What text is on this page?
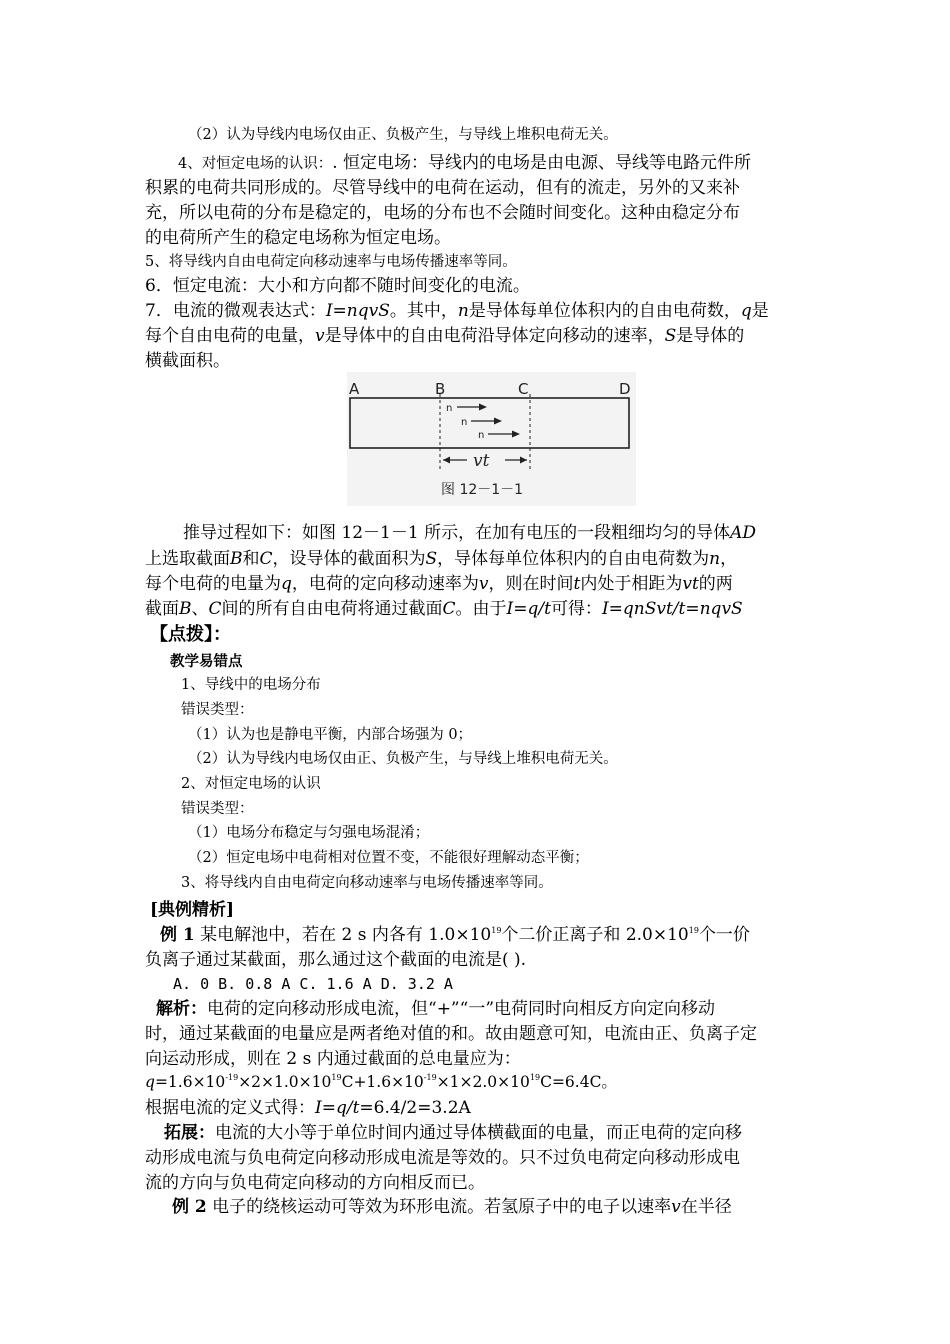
（2）认为导线内电场仅由正、负极产生，与导线上堆积电荷无关。
4、对恒定电场的认识：. 恒定电场：导线内的电场是由电源、导线等电路元件所
积累的电荷共同形成的。尽管导线中的电荷在运动，但有的流走，另外的又来补
充，所以电荷的分布是稳定的，电场的分布也不会随时间变化。这种由稳定分布
的电荷所产生的稳定电场称为恒定电场。
5、将导线内自由电荷定向移动速率与电场传播速率等同。
6．恒定电流：大小和方向都不随时间变化的电流。
7．电流的微观表达式：I=nqvS。其中，n是导体每单位体积内的自由电荷数，q是
每个自由电荷的电量，v是导体中的自由电荷沿导体定向移动的速率，S是导体的
横截面积。
A	B	C	D
n
n
n
vt
图 12－1－1
推导过程如下：如图 12－1－1 所示，在加有电压的一段粗细均匀的导体AD
上选取截面B和C，设导体的截面积为S，导体每单位体积内的自由电荷数为n，
每个电荷的电量为q，电荷的定向移动速率为v，则在时间t内处于相距为vt的两
截面B、C间的所有自由电荷将通过截面C。由于I=q/t可得：I=qnSvt/t=nqvS
【点拨】：
教学易错点
1、导线中的电场分布
错误类型：
（1）认为也是静电平衡，内部合场强为 0；
（2）认为导线内电场仅由正、负极产生，与导线上堆积电荷无关。
2、对恒定电场的认识
错误类型：
（1）电场分布稳定与匀强电场混淆；
（2）恒定电场中电荷相对位置不变，不能很好理解动态平衡；
3、将导线内自由电荷定向移动速率与电场传播速率等同。
[典例精析]
例 1 某电解池中，若在 2 s 内各有 $1.0\times 10^{19}$个二价正离子和 $2.0\times 10^{19}$个一价
负离子通过某截面，那么通过这个截面的电流是( ).
A. 0 B. 0.8 A C. 1.6 A D. 3.2 A
解析：电荷的定向移动形成电流，但“+”“一”电荷同时向相反方向定向移动
时，通过某截面的电量应是两者绝对值的和。故由题意可知，电流由正、负离子定
向运动形成，则在 2 s 内通过截面的总电量应为：
$q=1.6\times 10^{-19}\times 2\times 1.0\times 10^{19}C+1.6\times 10^{-19}\times 1\times 2.0\times 10^{19}C=6.4C$。
根据电流的定义式得：I=q/t=6.4/2=3.2A
拓展：电流的大小等于单位时间内通过导体横截面的电量，而正电荷的定向移
动形成电流与负电荷定向移动形成电流是等效的。只不过负电荷定向移动形成电
流的方向与负电荷定向移动的方向相反而已。
例 2 电子的绕核运动可等效为环形电流。若氢原子中的电子以速率v在半径
